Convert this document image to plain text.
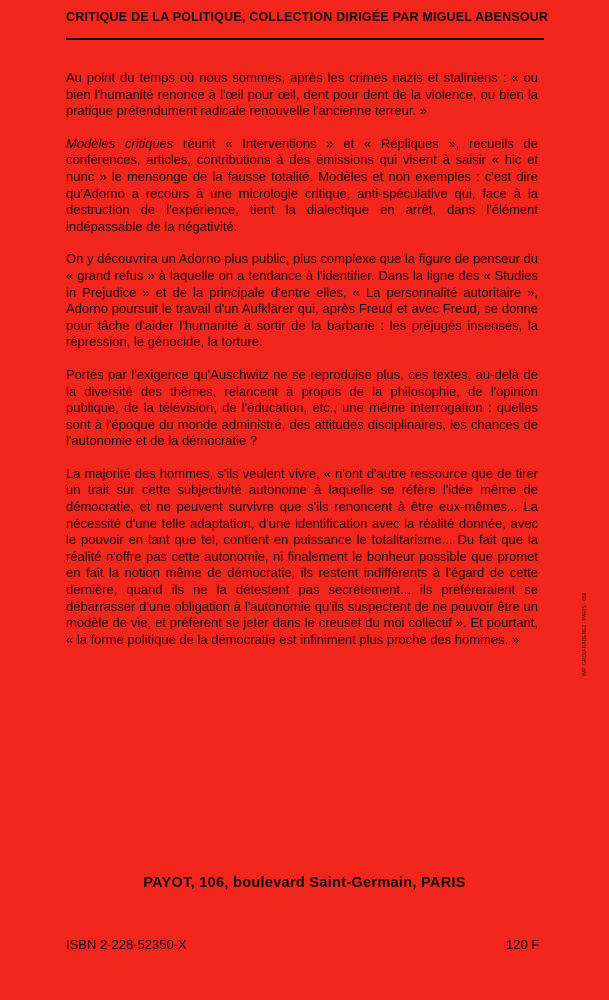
CRITIQUE DE LA POLITIQUE, COLLECTION DIRIGÉE PAR MIGUEL ABENSOUR

Au point du temps où nous sommes, après les crimes nazis et staliniens : « ou bien l'humanité renonce à l'œil pour œil, dent pour dent de la violence, ou bien la pratique prétendument radicale renouvelle l'ancienne terreur. »

Modèles critiques réunit « Interventions » et « Répliques », recueils de conférences, articles, contributions à des émissions qui visent à saisir « hic et nunc » le mensonge de la fausse totalité. Modèles et non exemples : c'est dire qu'Adorno a recours à une micrologie critique, anti-spéculative qui, face à la destruction de l'expérience, tient la dialectique en arrêt, dans l'élément indépassable de la négativité.

On y découvrira un Adorno plus public, plus complexe que la figure de penseur du « grand refus » à laquelle on a tendance à l'identifier. Dans la ligne des « Studies in Prejudice » et de la principale d'entre elles, « La personnalité autoritaire », Adorno poursuit le travail d'un Aufklärer qui, après Freud et avec Freud, se donne pour tâche d'aider l'humanité à sortir de la barbarie : les préjugés insensés, la répression, le génocide, la torture.

Portés par l'exigence qu'Auschwitz ne se reproduise plus, ces textes, au-delà de la diversité des thèmes, relancent à propos de la philosophie, de l'opinion publique, de la télévision, de l'éducation, etc., une même interrogation : quelles sont à l'époque du monde administré, des attitudes disciplinaires, les chances de l'autonomie et de la démocratie ?

La majorité des hommes, s'ils veulent vivre, « n'ont d'autre ressource que de tirer un trait sur cette subjectivité autonome à laquelle se réfère l'idée même de démocratie, et ne peuvent survivre que s'ils renoncent à être eux-mêmes... La nécessité d'une telle adaptation, d'une identification avec la réalité donnée, avec le pouvoir en tant que tel, contient en puissance le totalitarisme... Du fait que la réalité n'offre pas cette autonomie, ni finalement le bonheur possible que promet en fait la notion même de démocratie, ils restent indifférents à l'égard de cette dernière, quand ils ne la détestent pas secrètement... ils préféreraient se débarrasser d'une obligation à l'autonomie qu'ils suspectent de ne pouvoir être un modèle de vie, et préfèrent se jeter dans le creuset du moi collectif ». Et pourtant, « la forme politique de la démocratie est infiniment plus proche des hommes. »	IMP. GROU-RADENEZ - PARIS - 659
PAYOT, 106, boulevard Saint-Germain, PARIS
ISBN 2-228-52350-X	120 F
